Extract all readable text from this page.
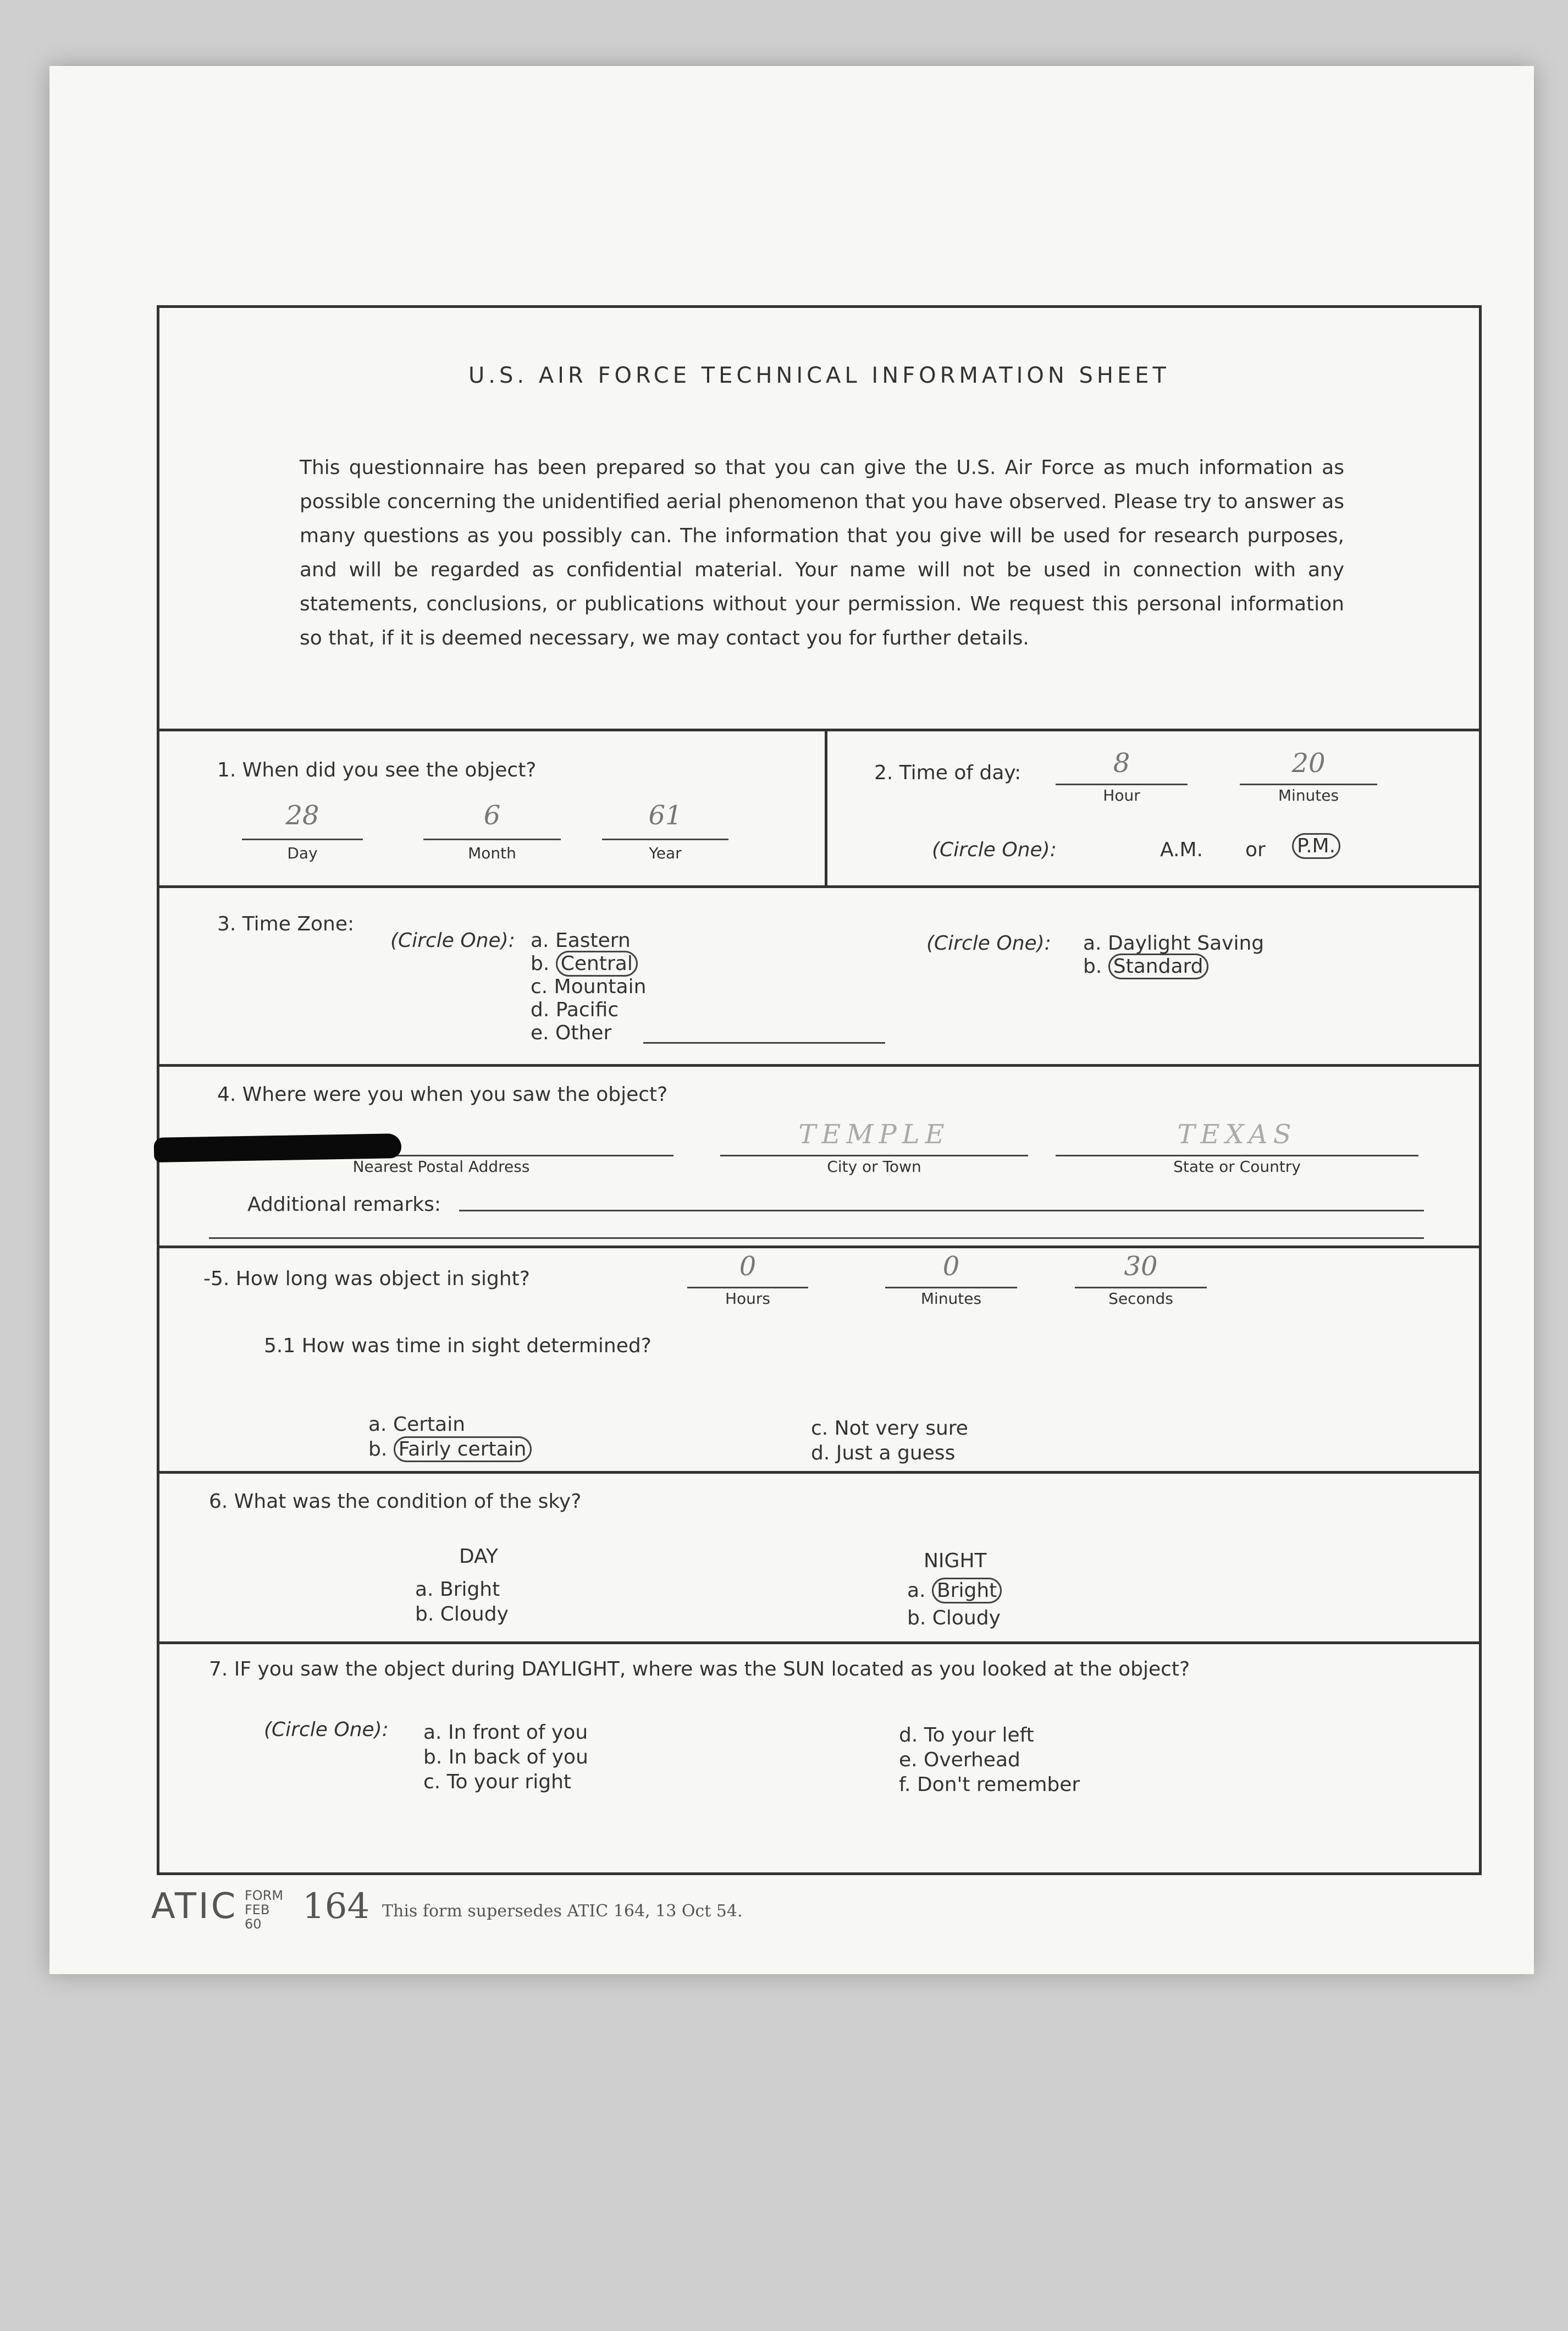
U.S. AIR FORCE TECHNICAL INFORMATION SHEET
This questionnaire has been prepared so that you can give the U.S. Air Force as much information as possible concerning the unidentified aerial phenomenon that you have observed. Please try to answer as many questions as you possibly can. The information that you give will be used for research purposes, and will be regarded as confidential material. Your name will not be used in connection with any statements, conclusions, or publications without your permission. We request this personal information so that, if it is deemed necessary, we may contact you for further details.
1. When did you see the object?
28
Day
6
Month
61
Year
2. Time of day:	8
Hour
20
Minutes
(Circle One):	A.M. or P.M.
3. Time Zone:
(Circle One): a. Eastern
b. Central
c. Mountain
d. Pacific
e. Other
(Circle One): a. Daylight Saving
b. Standard
4. Where were you when you saw the object?
Nearest Postal Address
TEMPLE
City or Town
TEXAS
State or Country
Additional remarks:
-5. How long was object in sight?	0
Hours
0
Minutes
30
Seconds
5.1 How was time in sight determined?
a. Certain
b. Fairly certain
c. Not very sure
d. Just a guess
6. What was the condition of the sky?
DAY
a. Bright
b. Cloudy
NIGHT
a. Bright
b. Cloudy
7. IF you saw the object during DAYLIGHT, where was the SUN located as you looked at the object?
(Circle One): a. In front of you
b. In back of you
c. To your right
d. To your left
e. Overhead
f. Don't remember
ATIC FORM
FEB 60	164 This form supersedes ATIC 164, 13 Oct 54.
